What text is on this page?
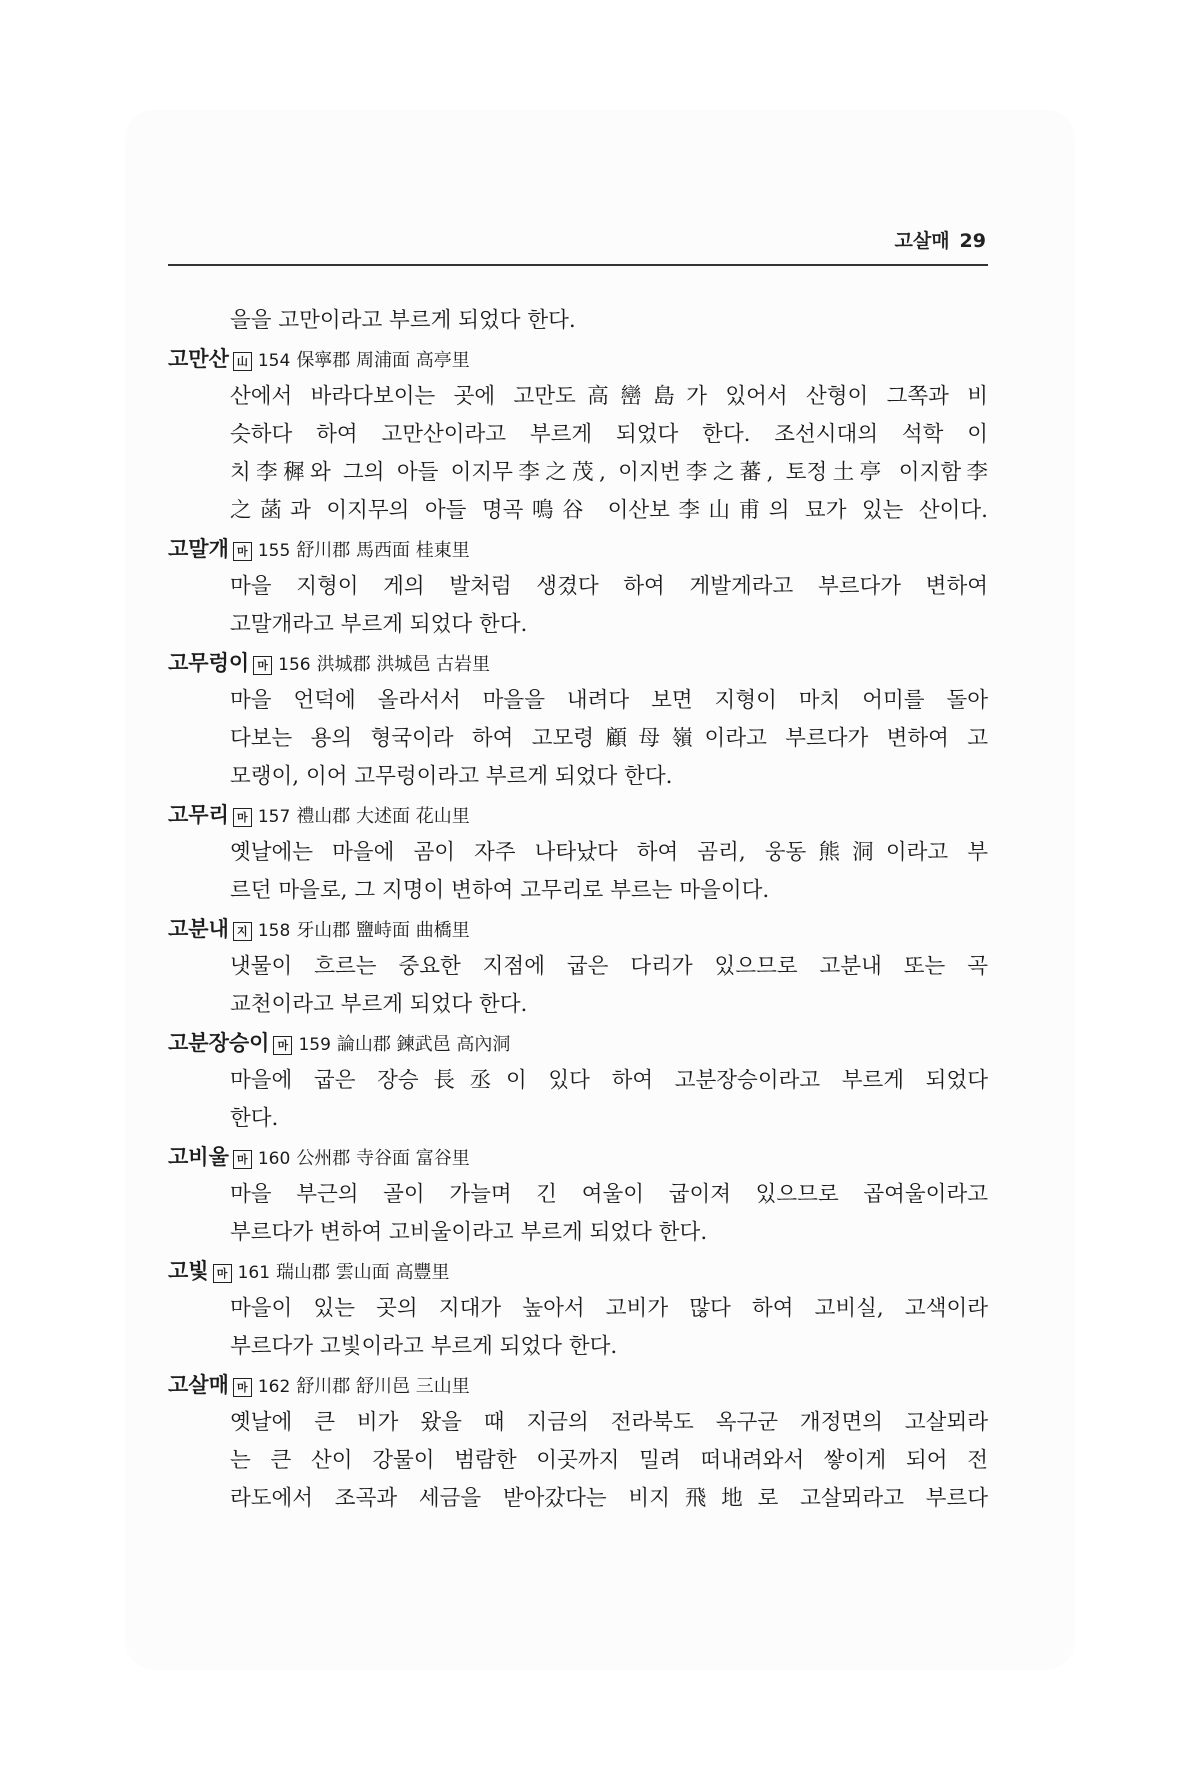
고살매 29
을을 고만이라고 부르게 되었다 한다.
고만산 山 154 保寧郡 周浦面 高亭里
산에서 바라다보이는 곳에 고만도高巒島가 있어서 산형이 그쪽과 비
슷하다 하여 고만산이라고 부르게 되었다 한다. 조선시대의 석학 이
치李穉와 그의 아들 이지무李之茂, 이지번李之蕃, 토정土亭 이지함李
之菡과 이지무의 아들 명곡鳴谷 이산보李山甫의 묘가 있는 산이다.
고말개 마 155 舒川郡 馬西面 桂東里
마을 지형이 게의 발처럼 생겼다 하여 게발게라고 부르다가 변하여
고말개라고 부르게 되었다 한다.
고무렁이 마 156 洪城郡 洪城邑 古岩里
마을 언덕에 올라서서 마을을 내려다 보면 지형이 마치 어미를 돌아
다보는 용의 형국이라 하여 고모령顧母嶺이라고 부르다가 변하여 고
모랭이, 이어 고무렁이라고 부르게 되었다 한다.
고무리 마 157 禮山郡 大述面 花山里
옛날에는 마을에 곰이 자주 나타났다 하여 곰리, 웅동熊洞이라고 부
르던 마을로, 그 지명이 변하여 고무리로 부르는 마을이다.
고분내 지 158 牙山郡 鹽峙面 曲橋里
냇물이 흐르는 중요한 지점에 굽은 다리가 있으므로 고분내 또는 곡
교천이라고 부르게 되었다 한다.
고분장승이 마 159 論山郡 鍊武邑 高內洞
마을에 굽은 장승長丞이 있다 하여 고분장승이라고 부르게 되었다
한다.
고비울 마 160 公州郡 寺谷面 富谷里
마을 부근의 골이 가늘며 긴 여울이 굽이져 있으므로 곱여울이라고
부르다가 변하여 고비울이라고 부르게 되었다 한다.
고빛 마 161 瑞山郡 雲山面 高豐里
마을이 있는 곳의 지대가 높아서 고비가 많다 하여 고비실, 고색이라
부르다가 고빛이라고 부르게 되었다 한다.
고살매 마 162 舒川郡 舒川邑 三山里
옛날에 큰 비가 왔을 때 지금의 전라북도 옥구군 개정면의 고살뫼라
는 큰 산이 강물이 범람한 이곳까지 밀려 떠내려와서 쌓이게 되어 전
라도에서 조곡과 세금을 받아갔다는 비지飛地로 고살뫼라고 부르다
